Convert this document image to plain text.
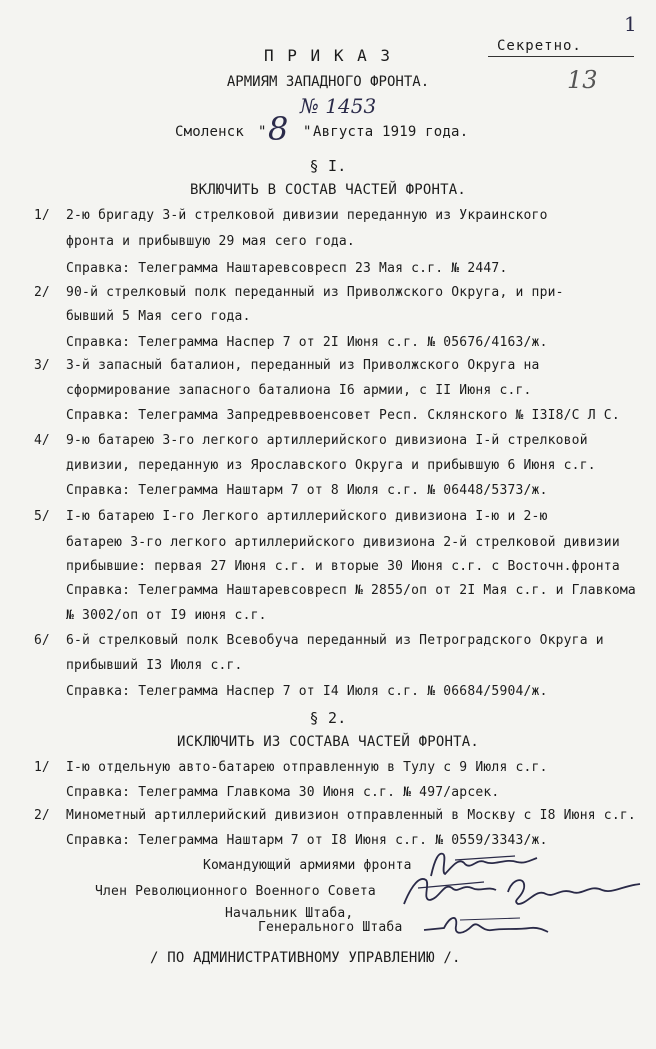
Секретно.
1
13
П Р И К А З
АРМИЯМ ЗАПАДНОГО ФРОНТА.
№ 1453
Смоленск " 8 " Августа 1919 года.
§ I.
ВКЛЮЧИТЬ В СОСТАВ ЧАСТЕЙ ФРОНТА.
1/ 2-ю бригаду 3-й стрелковой дивизии переданную из Украинского
фронта и прибывшую 29 мая сего года.
Справка: Телеграмма Наштаревсовресп 23 Мая с.г. № 2447.
2/ 90-й стрелковый полк переданный из Приволжского Округа, и при-
бывший 5 Мая сего года.
Справка: Телеграмма Наспер 7 от 2I Июня с.г. № 05676/4163/ж.
3/ 3-й запасный баталион, переданный из Приволжского Округа на
сформирование запасного баталиона I6 армии, с II Июня с.г.
Справка: Телеграмма Запредреввоенсовет Респ. Склянского № I3I8/С Л С.
4/ 9-ю батарею 3-го легкого артиллерийского дивизиона I-й стрелковой
дивизии, переданную из Ярославского Округа и прибывшую 6 Июня с.г.
Справка: Телеграмма Наштарм 7 от 8 Июля с.г. № 06448/5373/ж.
5/ I-ю батарею I-го Легкого артиллерийского дивизиона I-ю и 2-ю
батарею 3-го легкого артиллерийского дивизиона 2-й стрелковой дивизии
прибывшие: первая 27 Июня с.г. и вторые 30 Июня с.г. с Восточн.фронта
Справка: Телеграмма Наштаревсовресп № 2855/оп от 2I Мая с.г. и Главкома
№ 3002/оп от I9 июня с.г.
6/ 6-й стрелковый полк Всевобуча переданный из Петроградского Округа и
прибывший I3 Июля с.г.
Справка: Телеграмма Наспер 7 от I4 Июля с.г. № 06684/5904/ж.
§ 2.
ИСКЛЮЧИТЬ ИЗ СОСТАВА ЧАСТЕЙ ФРОНТА.
1/ I-ю отдельную авто-батарею отправленную в Тулу с 9 Июля с.г.
Справка: Телеграмма Главкома 30 Июня с.г. № 497/арсек.
2/ Минометный артиллерийский дивизион отправленный в Москву с I8 Июня с.г.
Справка: Телеграмма Наштарм 7 от I8 Июня с.г. № 0559/3343/ж.
Командующий армиями фронта
Член Революционного Военного Совета
Начальник Штаба,
Генерального Штаба
/ ПО АДМИНИСТРАТИВНОМУ УПРАВЛЕНИЮ /.
